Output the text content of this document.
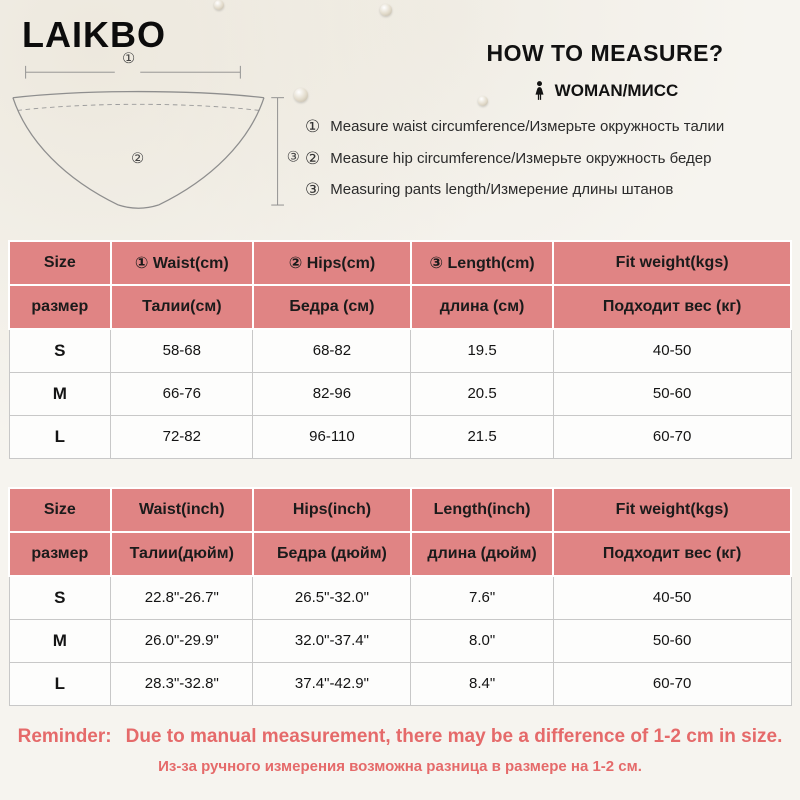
LAIKBO
①
②	③
HOW TO MEASURE?
WOMAN/МИСС
① Measure waist circumference/Измерьте окружность талии
② Measure hip circumference/Измерьте окружность бедер
③ Measuring pants length/Измерение длины штанов
Size	① Waist(cm)	② Hips(cm)	③ Length(cm)	Fit weight(kgs)
размер	Талии(см)	Бедра (см)	длина (см)	Подходит вес (кг)
S	58-68	68-82	19.5	40-50
M	66-76	82-96	20.5	50-60
L	72-82	96-110	21.5	60-70
Size	Waist(inch)	Hips(inch)	Length(inch)	Fit weight(kgs)
размер	Талии(дюйм)	Бедра (дюйм)	длина (дюйм)	Подходит вес (кг)
S	22.8"-26.7"	26.5"-32.0"	7.6"	40-50
M	26.0"-29.9"	32.0"-37.4"	8.0"	50-60
L	28.3"-32.8"	37.4"-42.9"	8.4"	60-70
Reminder: Due to manual measurement, there may be a difference of 1-2 cm in size.
Из-за ручного измерения возможна разница в размере на 1-2 см.
